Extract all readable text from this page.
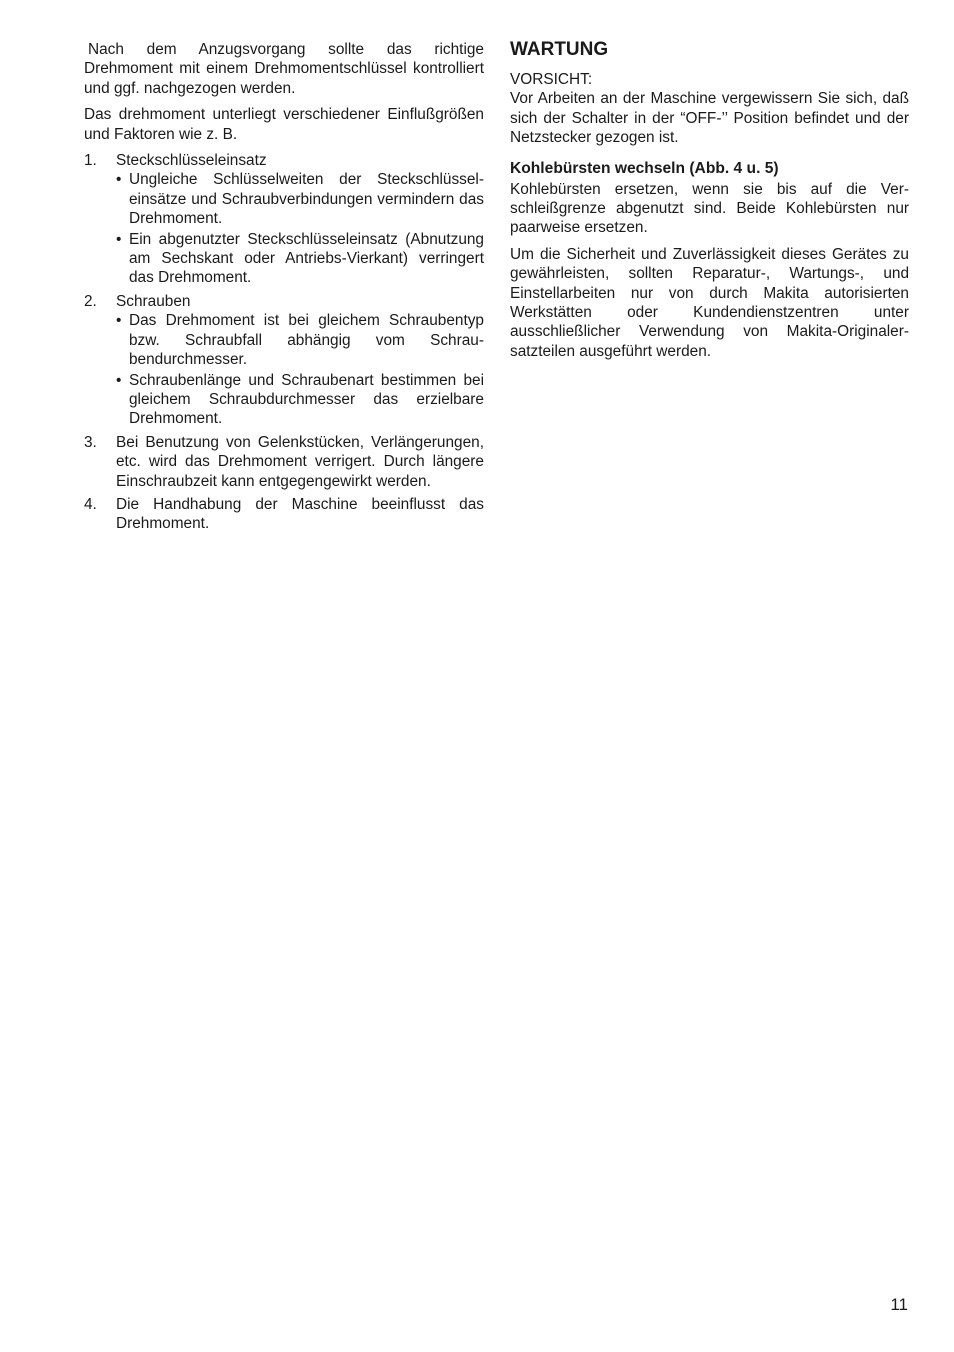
Nach dem Anzugsvorgang sollte das richtige Drehmoment mit einem Drehmomentschlüssel kontrolliert und ggf. nachgezogen werden.

Das drehmoment unterliegt verschiedener Einflußgrößen und Faktoren wie z. B.

1. Steckschlüsseleinsatz
• Ungleiche Schlüsselweiten der Steckschlüsseleinsätze und Schraubverbindungen vermindern das Drehmoment.
• Ein abgenutzter Steckschlüsseleinsatz (Abnutzung am Sechskant oder Antriebs-Vierkant) verringert das Drehmoment.
2. Schrauben
• Das Drehmoment ist bei gleichem Schraubentyp bzw. Schraubfall abhängig vom Schraubendurchmesser.
• Schraubenlänge und Schraubenart bestimmen bei gleichem Schraubdurchmesser das erzielbare Drehmoment.
3. Bei Benutzung von Gelenkstücken, Verlängerungen, etc. wird das Drehmoment verrigert. Durch längere Einschraubzeit kann entgegengewirkt werden.
4. Die Handhabung der Maschine beeinflusst das Drehmoment.
WARTUNG
VORSICHT:

Vor Arbeiten an der Maschine vergewissern Sie sich, daß sich der Schalter in der “OFF-’’ Position befindet und der Netzstecker gezogen ist.

Kohlebürsten wechseln (Abb. 4 u. 5)

Kohlebürsten ersetzen, wenn sie bis auf die Verschleißgrenze abgenutzt sind. Beide Kohlebürsten nur paarweise ersetzen.

Um die Sicherheit und Zuverlässigkeit dieses Gerätes zu gewährleisten, sollten Reparatur-, Wartungs-, und Einstellarbeiten nur von durch Makita autorisierten Werkstätten oder Kundendienstzentren unter ausschließlicher Verwendung von Makita-Originalersatzteilen ausgeführt werden.

11
